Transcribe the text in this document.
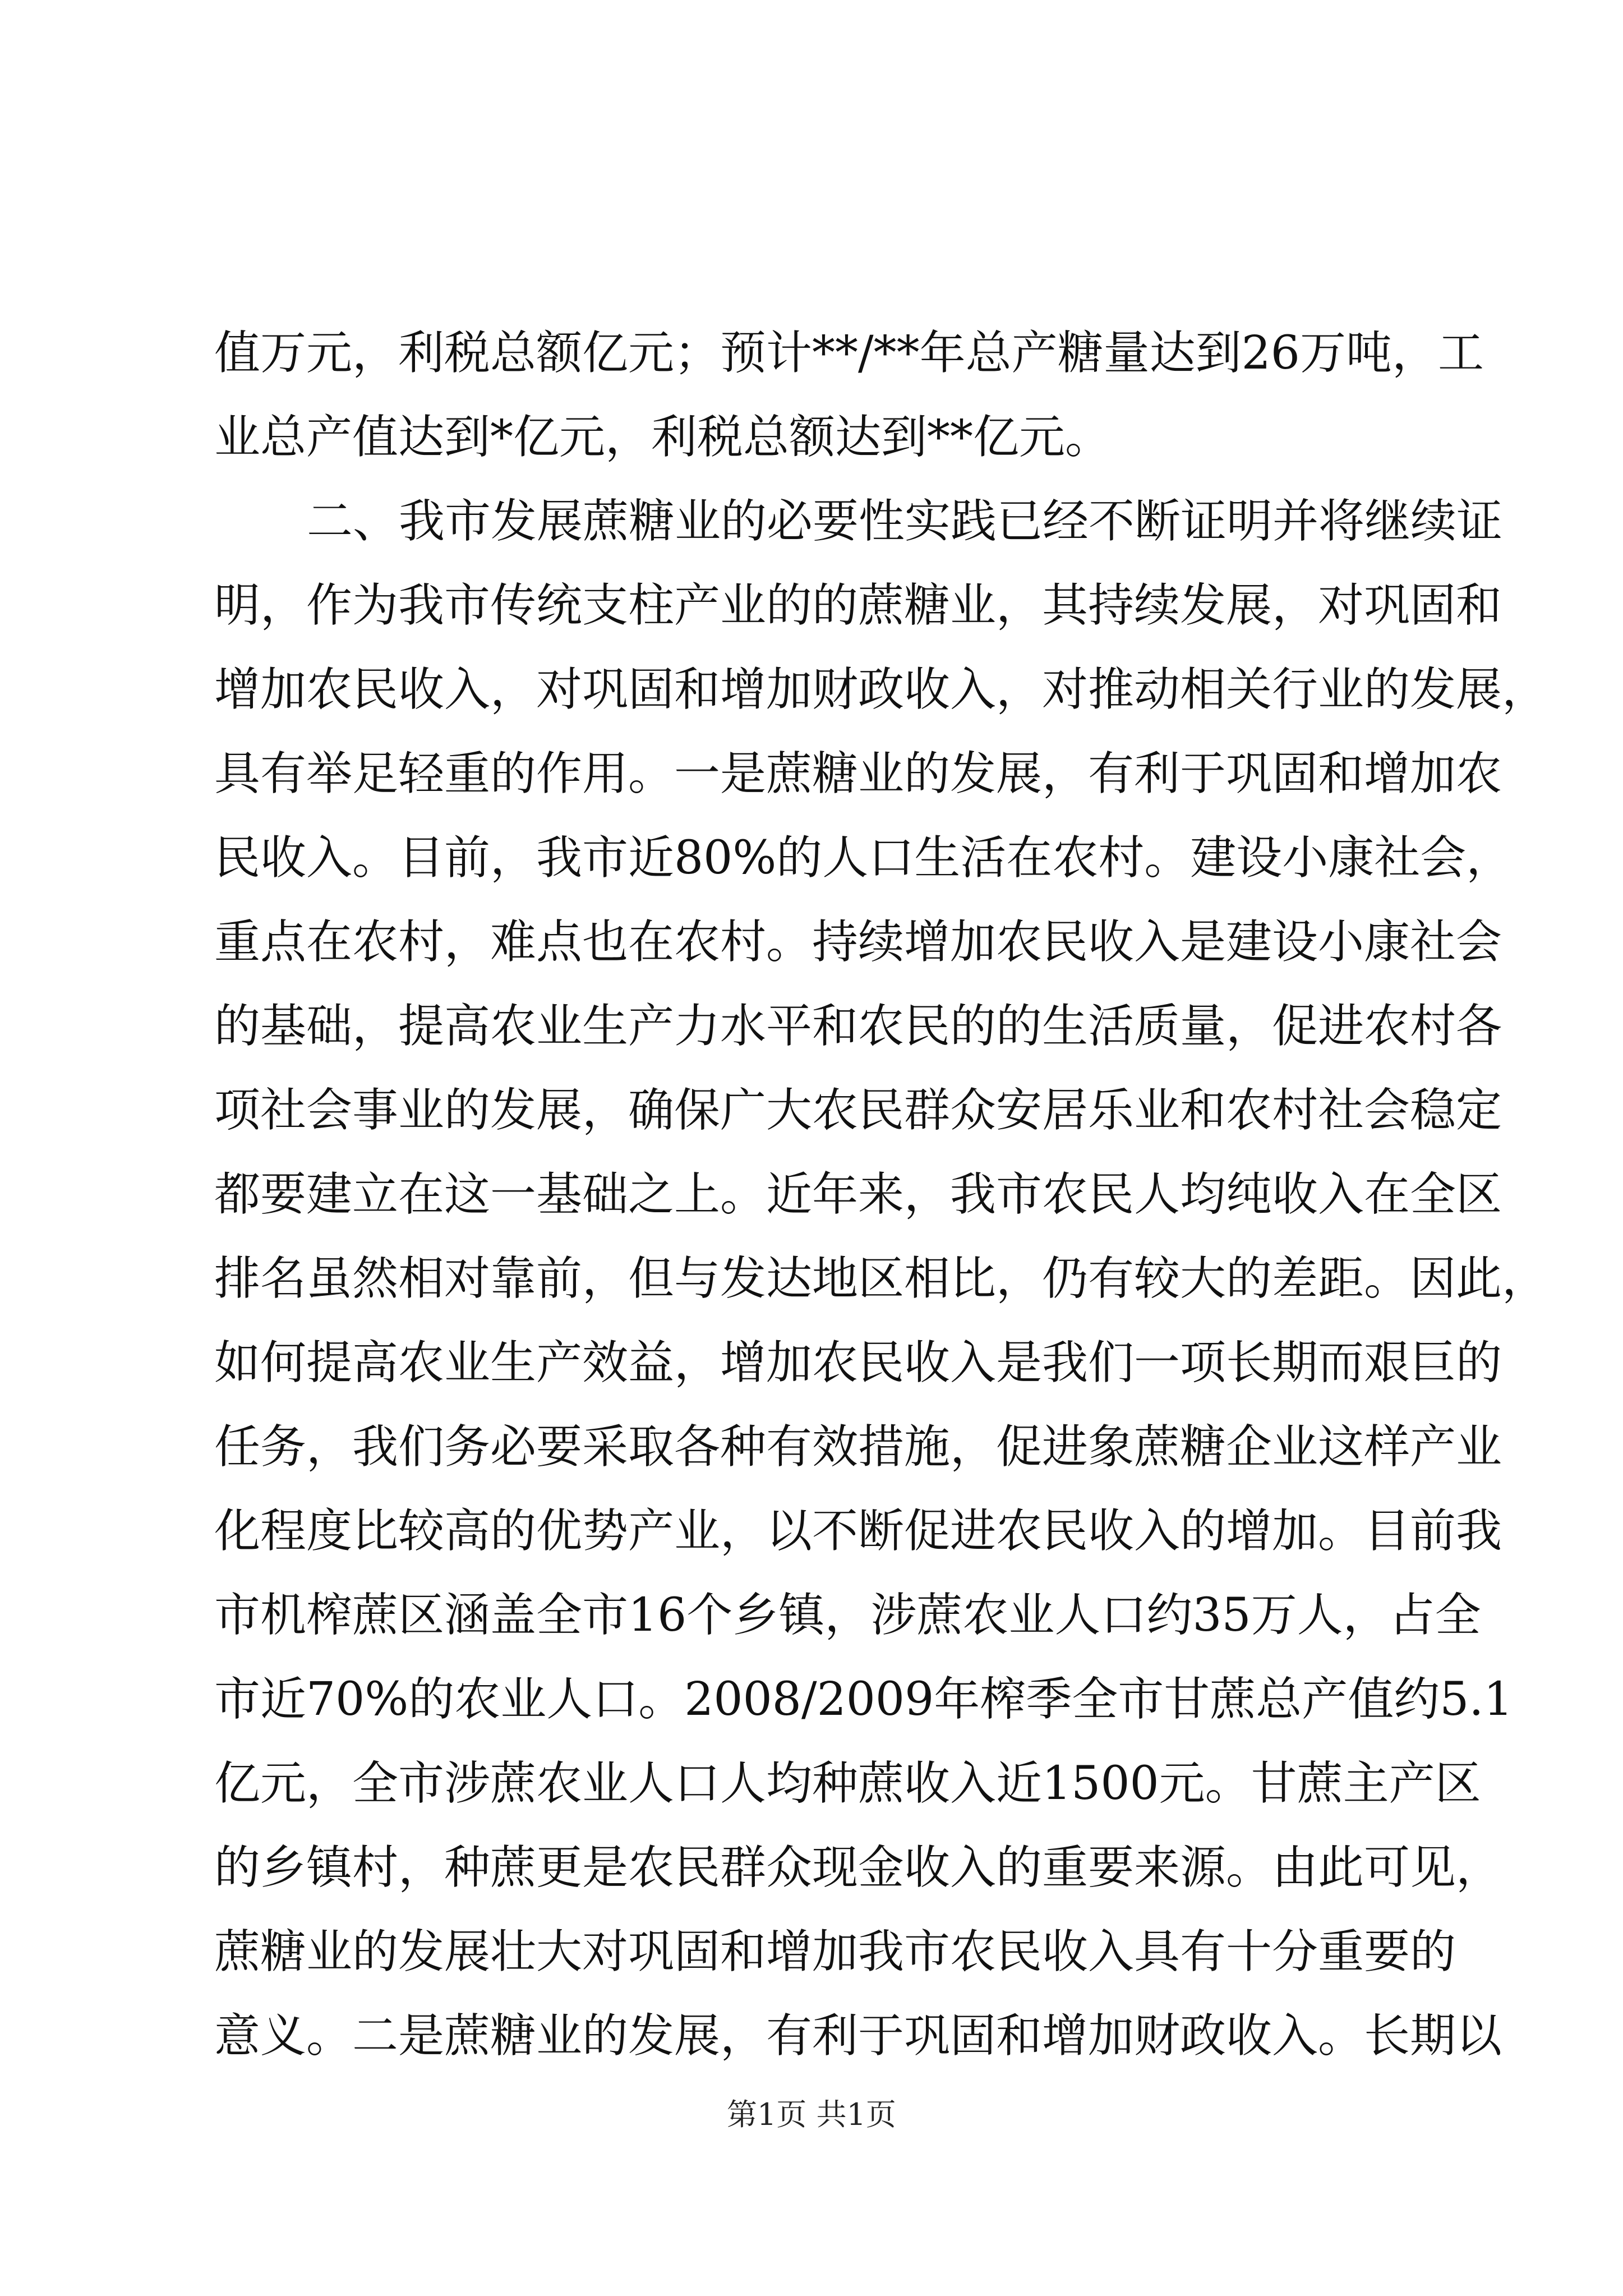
值万元，利税总额亿元；预计**/**年总产糖量达到26万吨，工
业总产值达到*亿元，利税总额达到**亿元。
二、我市发展蔗糖业的必要性实践已经不断证明并将继续证
明，作为我市传统支柱产业的的蔗糖业，其持续发展，对巩固和
增加农民收入，对巩固和增加财政收入，对推动相关行业的发展，
具有举足轻重的作用。一是蔗糖业的发展，有利于巩固和增加农
民收入。目前，我市近80%的人口生活在农村。建设小康社会，
重点在农村，难点也在农村。持续增加农民收入是建设小康社会
的基础，提高农业生产力水平和农民的的生活质量，促进农村各
项社会事业的发展，确保广大农民群众安居乐业和农村社会稳定
都要建立在这一基础之上。近年来，我市农民人均纯收入在全区
排名虽然相对靠前，但与发达地区相比，仍有较大的差距。因此，
如何提高农业生产效益，增加农民收入是我们一项长期而艰巨的
任务，我们务必要采取各种有效措施，促进象蔗糖企业这样产业
化程度比较高的优势产业，以不断促进农民收入的增加。目前我
市机榨蔗区涵盖全市16个乡镇，涉蔗农业人口约35万人，占全
市近70%的农业人口。2008/2009年榨季全市甘蔗总产值约5.1
亿元，全市涉蔗农业人口人均种蔗收入近1500元。甘蔗主产区
的乡镇村，种蔗更是农民群众现金收入的重要来源。由此可见，
蔗糖业的发展壮大对巩固和增加我市农民收入具有十分重要的
意义。二是蔗糖业的发展，有利于巩固和增加财政收入。长期以
第1页 共1页
